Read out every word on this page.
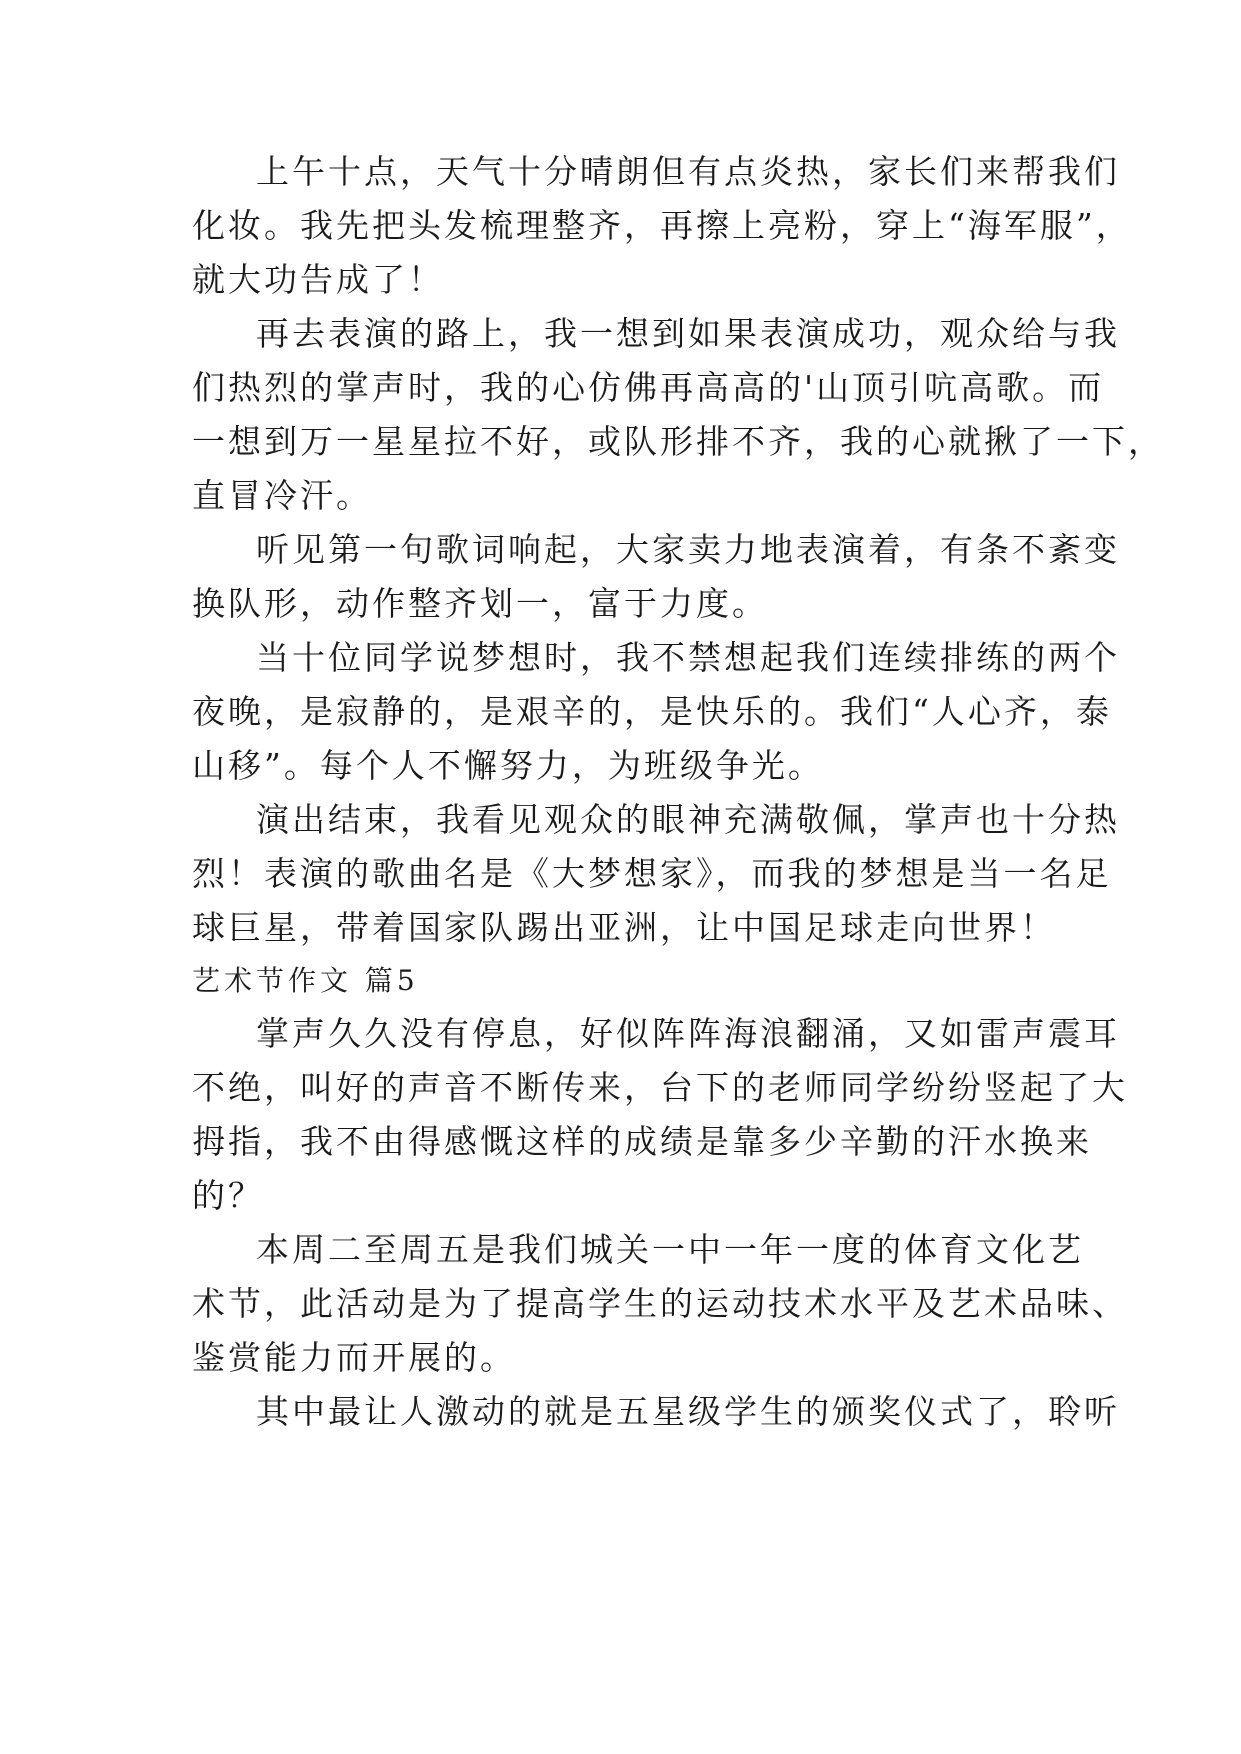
上午十点，天气十分晴朗但有点炎热，家长们来帮我们
化妆。我先把头发梳理整齐，再擦上亮粉，穿上“海军服”，
就大功告成了！
再去表演的路上，我一想到如果表演成功，观众给与我
们热烈的掌声时，我的心仿佛再高高的'山顶引吭高歌。而
一想到万一星星拉不好，或队形排不齐，我的心就揪了一下，
直冒冷汗。
听见第一句歌词响起，大家卖力地表演着，有条不紊变
换队形，动作整齐划一，富于力度。
当十位同学说梦想时，我不禁想起我们连续排练的两个
夜晚，是寂静的，是艰辛的，是快乐的。我们“人心齐，泰
山移”。每个人不懈努力，为班级争光。
演出结束，我看见观众的眼神充满敬佩，掌声也十分热
烈！表演的歌曲名是《大梦想家》，而我的梦想是当一名足
球巨星，带着国家队踢出亚洲，让中国足球走向世界！
艺术节作文 篇5
掌声久久没有停息，好似阵阵海浪翻涌，又如雷声震耳
不绝，叫好的声音不断传来，台下的老师同学纷纷竖起了大
拇指，我不由得感慨这样的成绩是靠多少辛勤的汗水换来
的？
本周二至周五是我们城关一中一年一度的体育文化艺
术节，此活动是为了提高学生的运动技术水平及艺术品味、
鉴赏能力而开展的。
其中最让人激动的就是五星级学生的颁奖仪式了，聆听
